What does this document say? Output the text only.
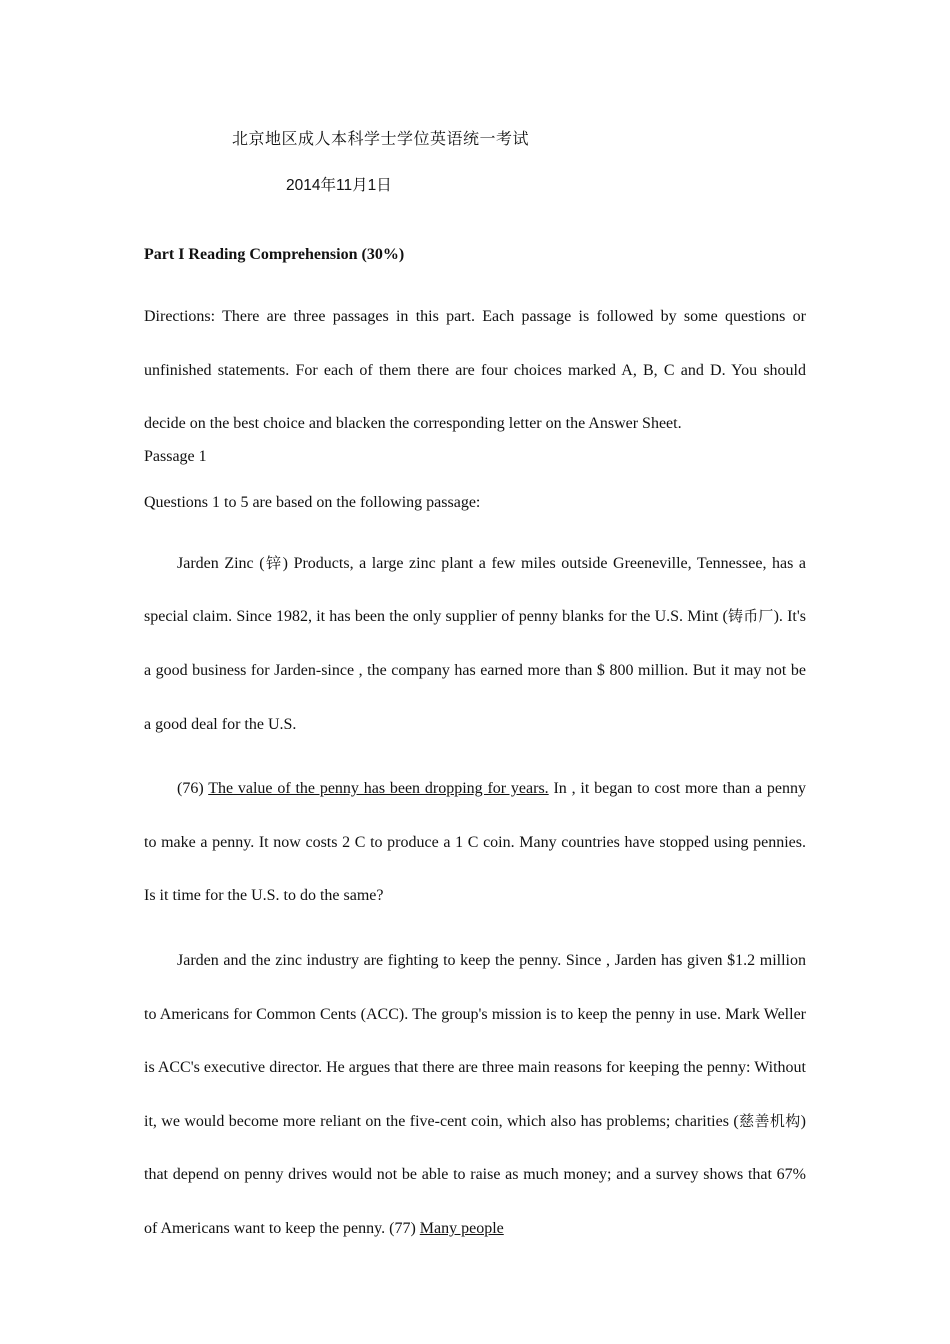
北京地区成人本科学士学位英语统一考试
2014年11月1日
Part I Reading Comprehension (30%)
Directions: There are three passages in this part. Each passage is followed by some questions or unfinished statements. For each of them there are four choices marked A, B, C and D. You should decide on the best choice and blacken the corresponding letter on the Answer Sheet.
Passage 1
Questions 1 to 5 are based on the following passage:
Jarden Zinc (锌) Products, a large zinc plant a few miles outside Greeneville, Tennessee, has a special claim. Since 1982, it has been the only supplier of penny blanks for the U.S. Mint (铸币厂). It's a good business for Jarden-since , the company has earned more than $ 800 million. But it may not be a good deal for the U.S.
(76) The value of the penny has been dropping for years. In , it began to cost more than a penny to make a penny. It now costs 2 C to produce a 1 C coin. Many countries have stopped using pennies. Is it time for the U.S. to do the same?
Jarden and the zinc industry are fighting to keep the penny. Since , Jarden has given $1.2 million to Americans for Common Cents (ACC). The group's mission is to keep the penny in use. Mark Weller is ACC's executive director. He argues that there are three main reasons for keeping the penny: Without it, we would become more reliant on the five-cent coin, which also has problems; charities (慈善机构) that depend on penny drives would not be able to raise as much money; and a survey shows that 67% of Americans want to keep the penny. (77) Many people
